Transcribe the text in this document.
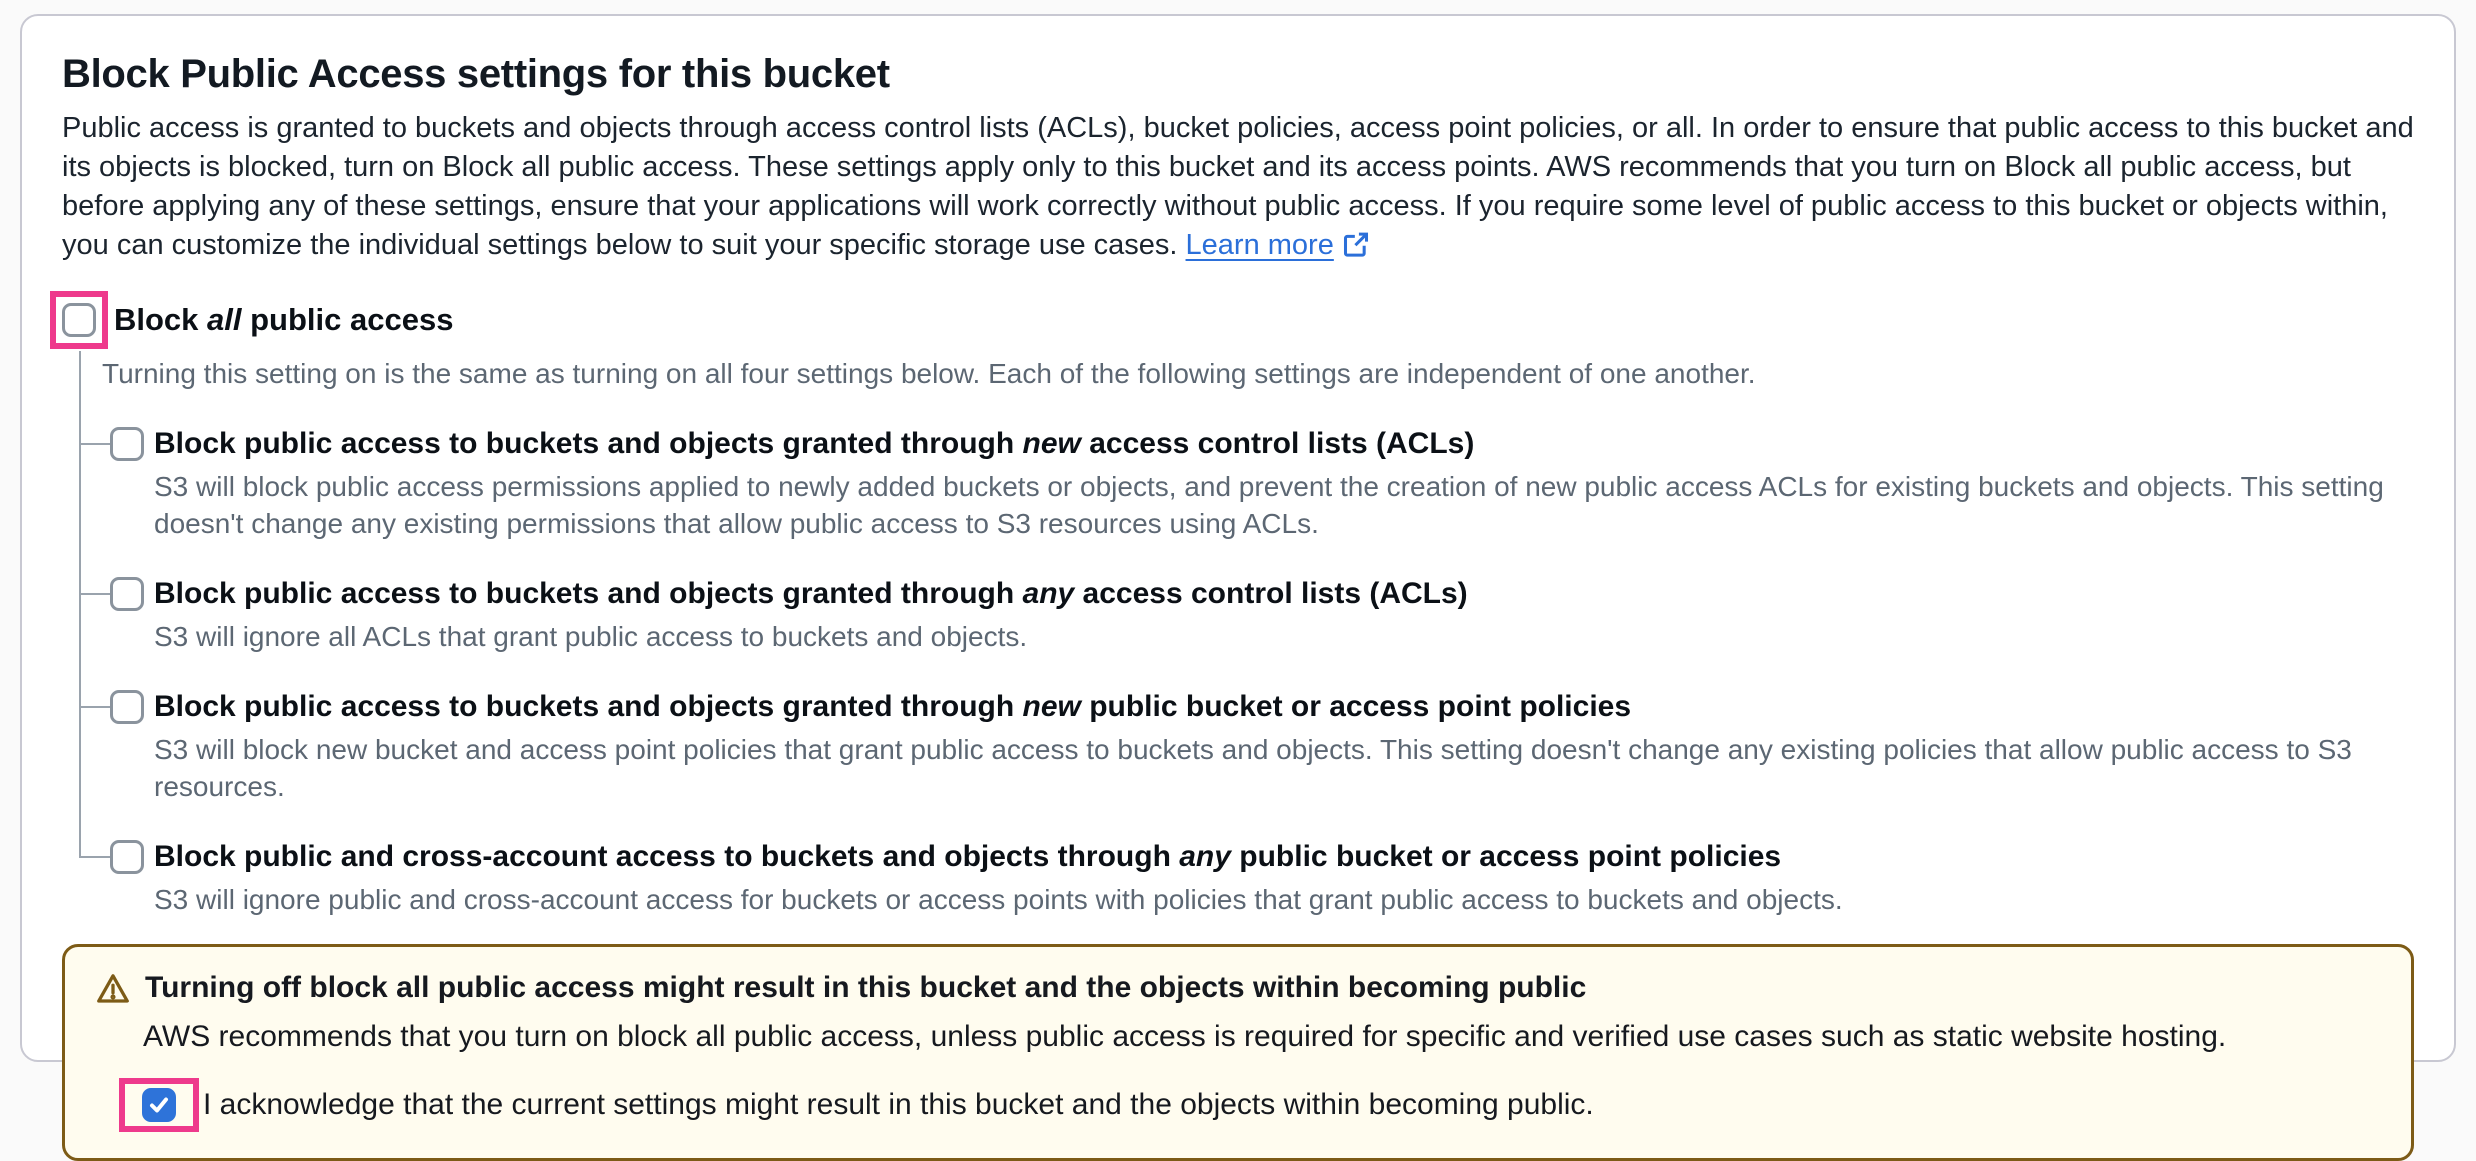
Block Public Access settings for this bucket

Public access is granted to buckets and objects through access control lists (ACLs), bucket policies, access point policies, or all. In order to ensure that public access to this bucket and its objects is blocked, turn on Block all public access. These settings apply only to this bucket and its access points. AWS recommends that you turn on Block all public access, but before applying any of these settings, ensure that your applications will work correctly without public access. If you require some level of public access to this bucket or objects within, you can customize the individual settings below to suit your specific storage use cases. Learn more

Block all public access

Turning this setting on is the same as turning on all four settings below. Each of the following settings are independent of one another.

Block public access to buckets and objects granted through new access control lists (ACLs)

S3 will block public access permissions applied to newly added buckets or objects, and prevent the creation of new public access ACLs for existing buckets and objects. This setting doesn't change any existing permissions that allow public access to S3 resources using ACLs.

Block public access to buckets and objects granted through any access control lists (ACLs)

S3 will ignore all ACLs that grant public access to buckets and objects.

Block public access to buckets and objects granted through new public bucket or access point policies

S3 will block new bucket and access point policies that grant public access to buckets and objects. This setting doesn't change any existing policies that allow public access to S3 resources.

Block public and cross-account access to buckets and objects through any public bucket or access point policies

S3 will ignore public and cross-account access for buckets or access points with policies that grant public access to buckets and objects.

Turning off block all public access might result in this bucket and the objects within becoming public

AWS recommends that you turn on block all public access, unless public access is required for specific and verified use cases such as static website hosting.

I acknowledge that the current settings might result in this bucket and the objects within becoming public.
